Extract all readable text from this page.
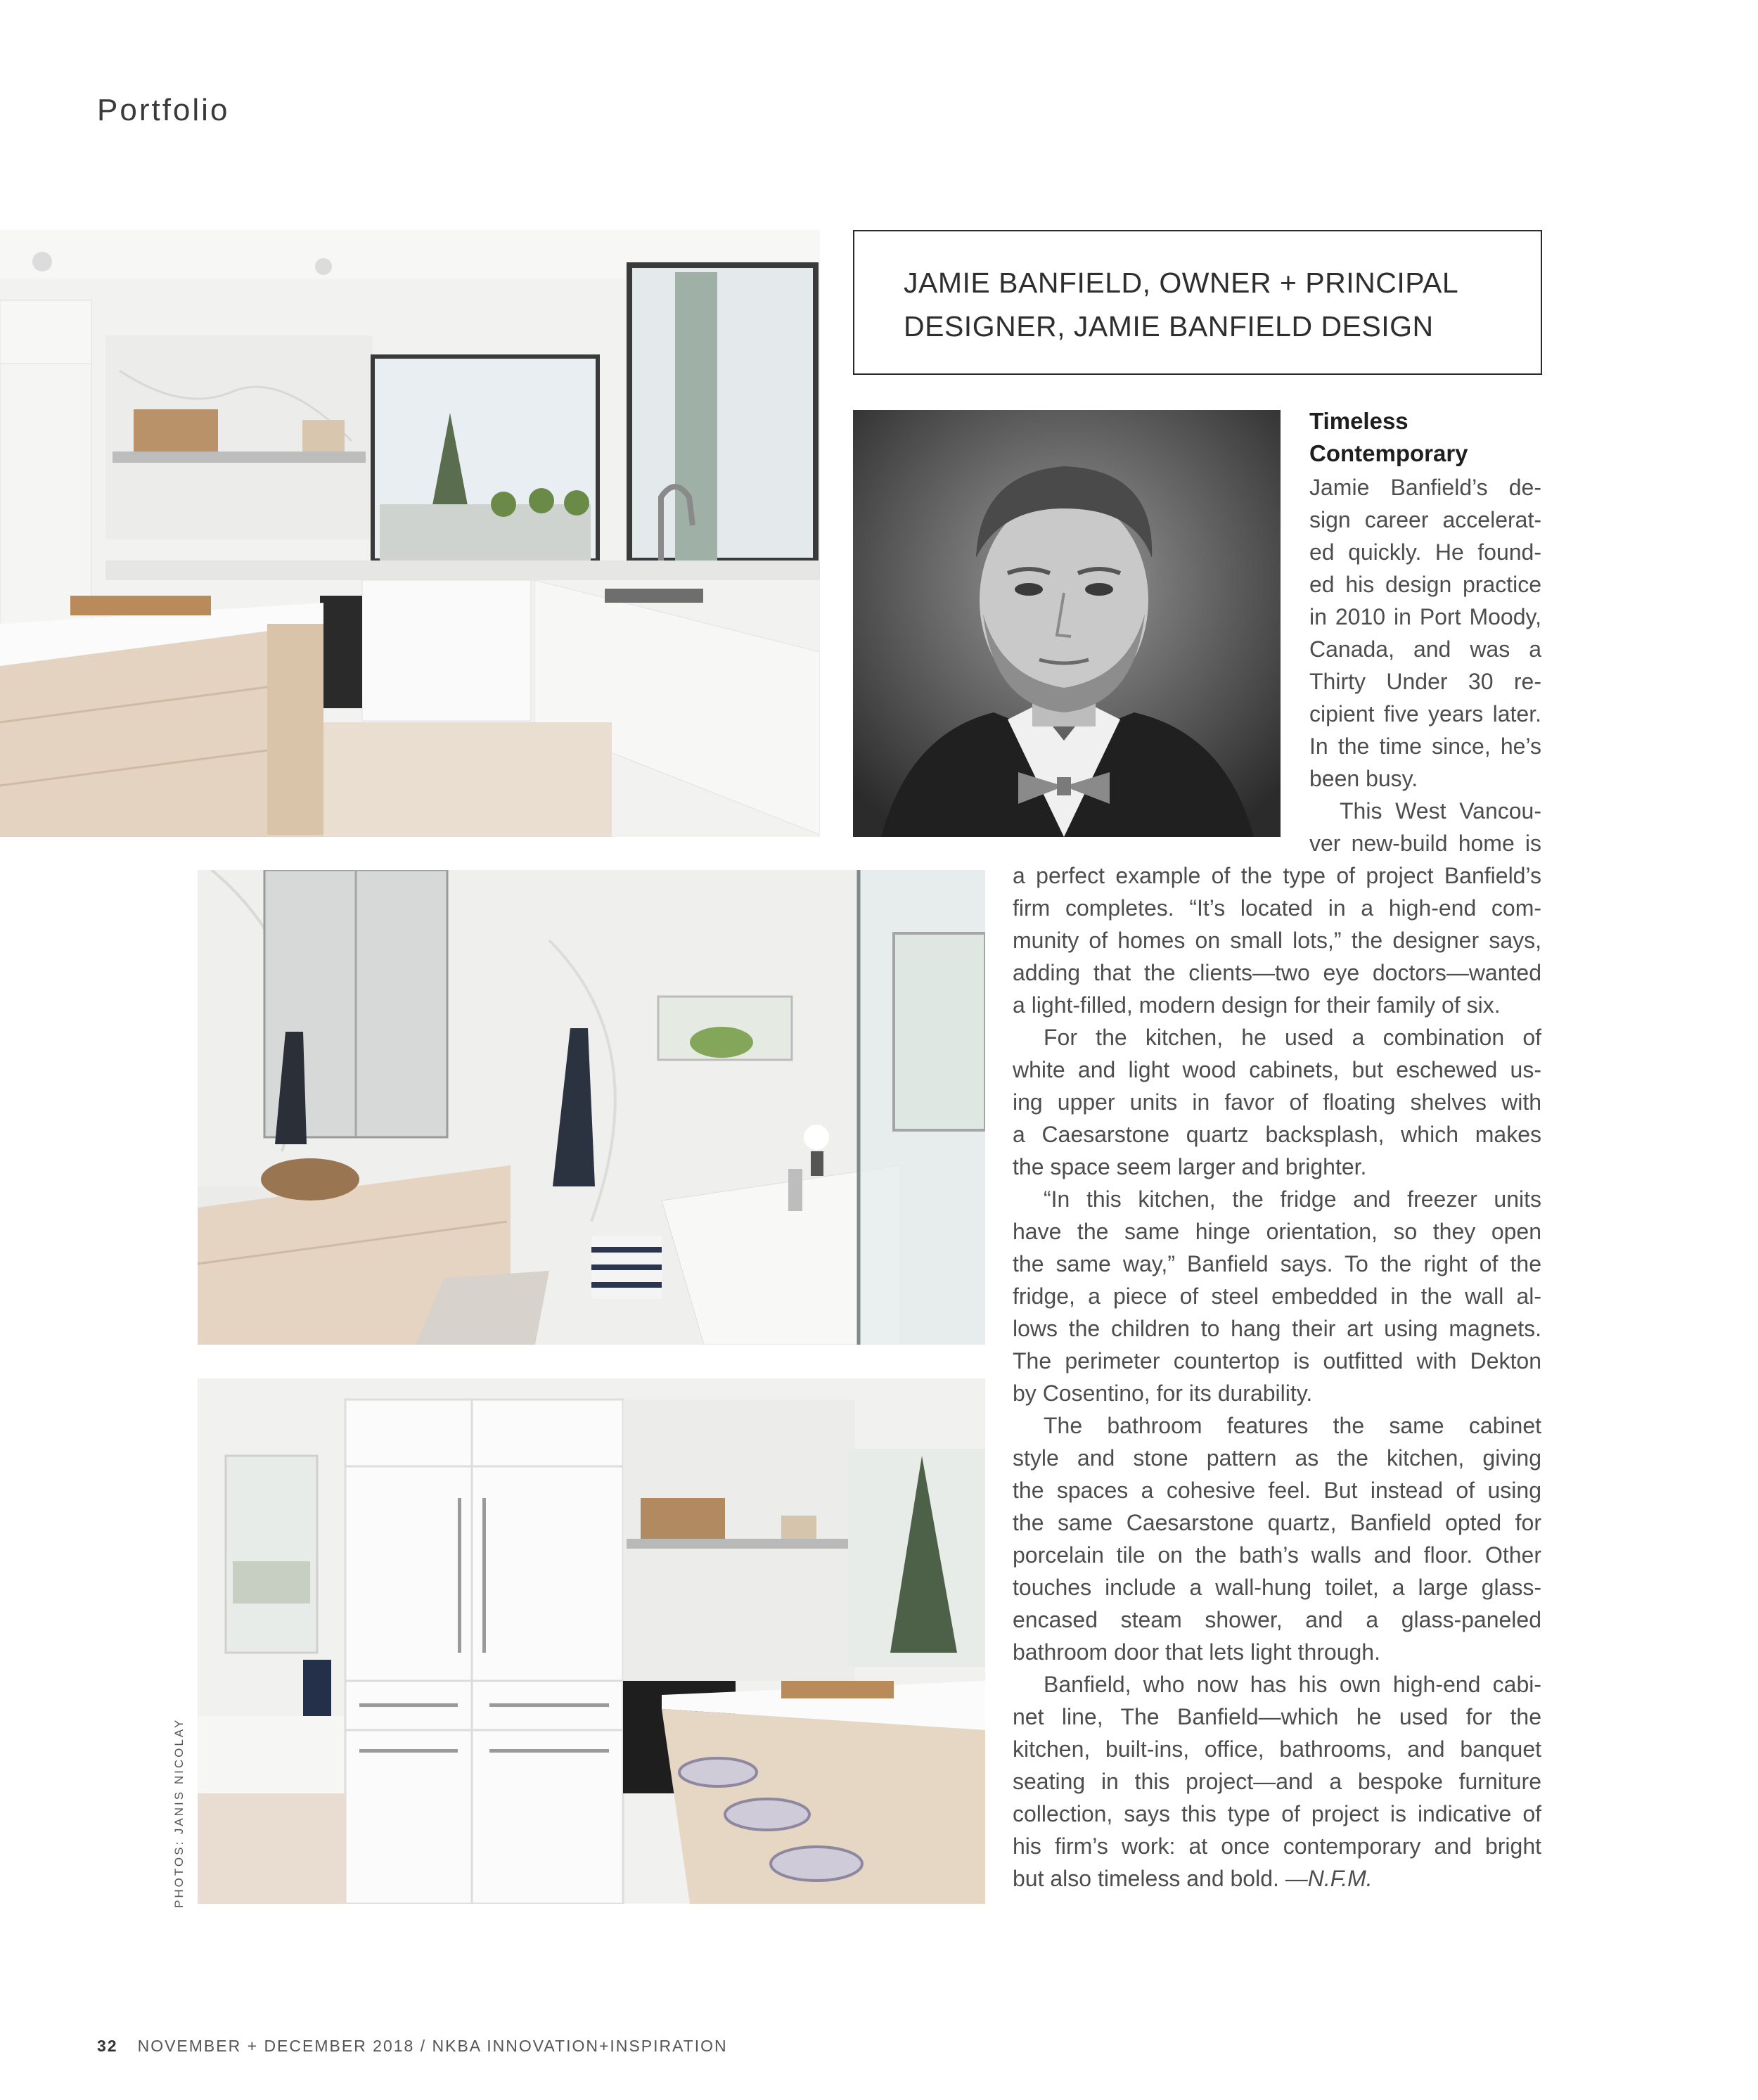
Portfolio
JAMIE BANFIELD, OWNER + PRINCIPAL
DESIGNER, JAMIE BANFIELD DESIGN
PHOTOS: JANIS NICOLAY
Timeless
Contemporary
Jamie Banfield’s de-
sign career accelerat-
ed quickly. He found-
ed his design practice
in 2010 in Port Moody,
Canada, and was a
Thirty Under 30 re-
cipient five years later.
In the time since, he’s
been busy.
This West Vancou-
ver new-build home is
a perfect example of the type of project Banfield’s
firm completes. “It’s located in a high-end com-
munity of homes on small lots,” the designer says,
adding that the clients—two eye doctors—wanted
a light-filled, modern design for their family of six.
For the kitchen, he used a combination of
white and light wood cabinets, but eschewed us-
ing upper units in favor of floating shelves with
a Caesarstone quartz backsplash, which makes
the space seem larger and brighter.
“In this kitchen, the fridge and freezer units
have the same hinge orientation, so they open
the same way,” Banfield says. To the right of the
fridge, a piece of steel embedded in the wall al-
lows the children to hang their art using magnets.
The perimeter countertop is outfitted with Dekton
by Cosentino, for its durability.
The bathroom features the same cabinet
style and stone pattern as the kitchen, giving
the spaces a cohesive feel. But instead of using
the same Caesarstone quartz, Banfield opted for
porcelain tile on the bath’s walls and floor. Other
touches include a wall-hung toilet, a large glass-
encased steam shower, and a glass-paneled
bathroom door that lets light through.
Banfield, who now has his own high-end cabi-
net line, The Banfield—which he used for the
kitchen, built-ins, office, bathrooms, and banquet
seating in this project—and a bespoke furniture
collection, says this type of project is indicative of
his firm’s work: at once contemporary and bright
but also timeless and bold. —N.F.M.
32 NOVEMBER + DECEMBER 2018 / NKBA INNOVATION+INSPIRATION
